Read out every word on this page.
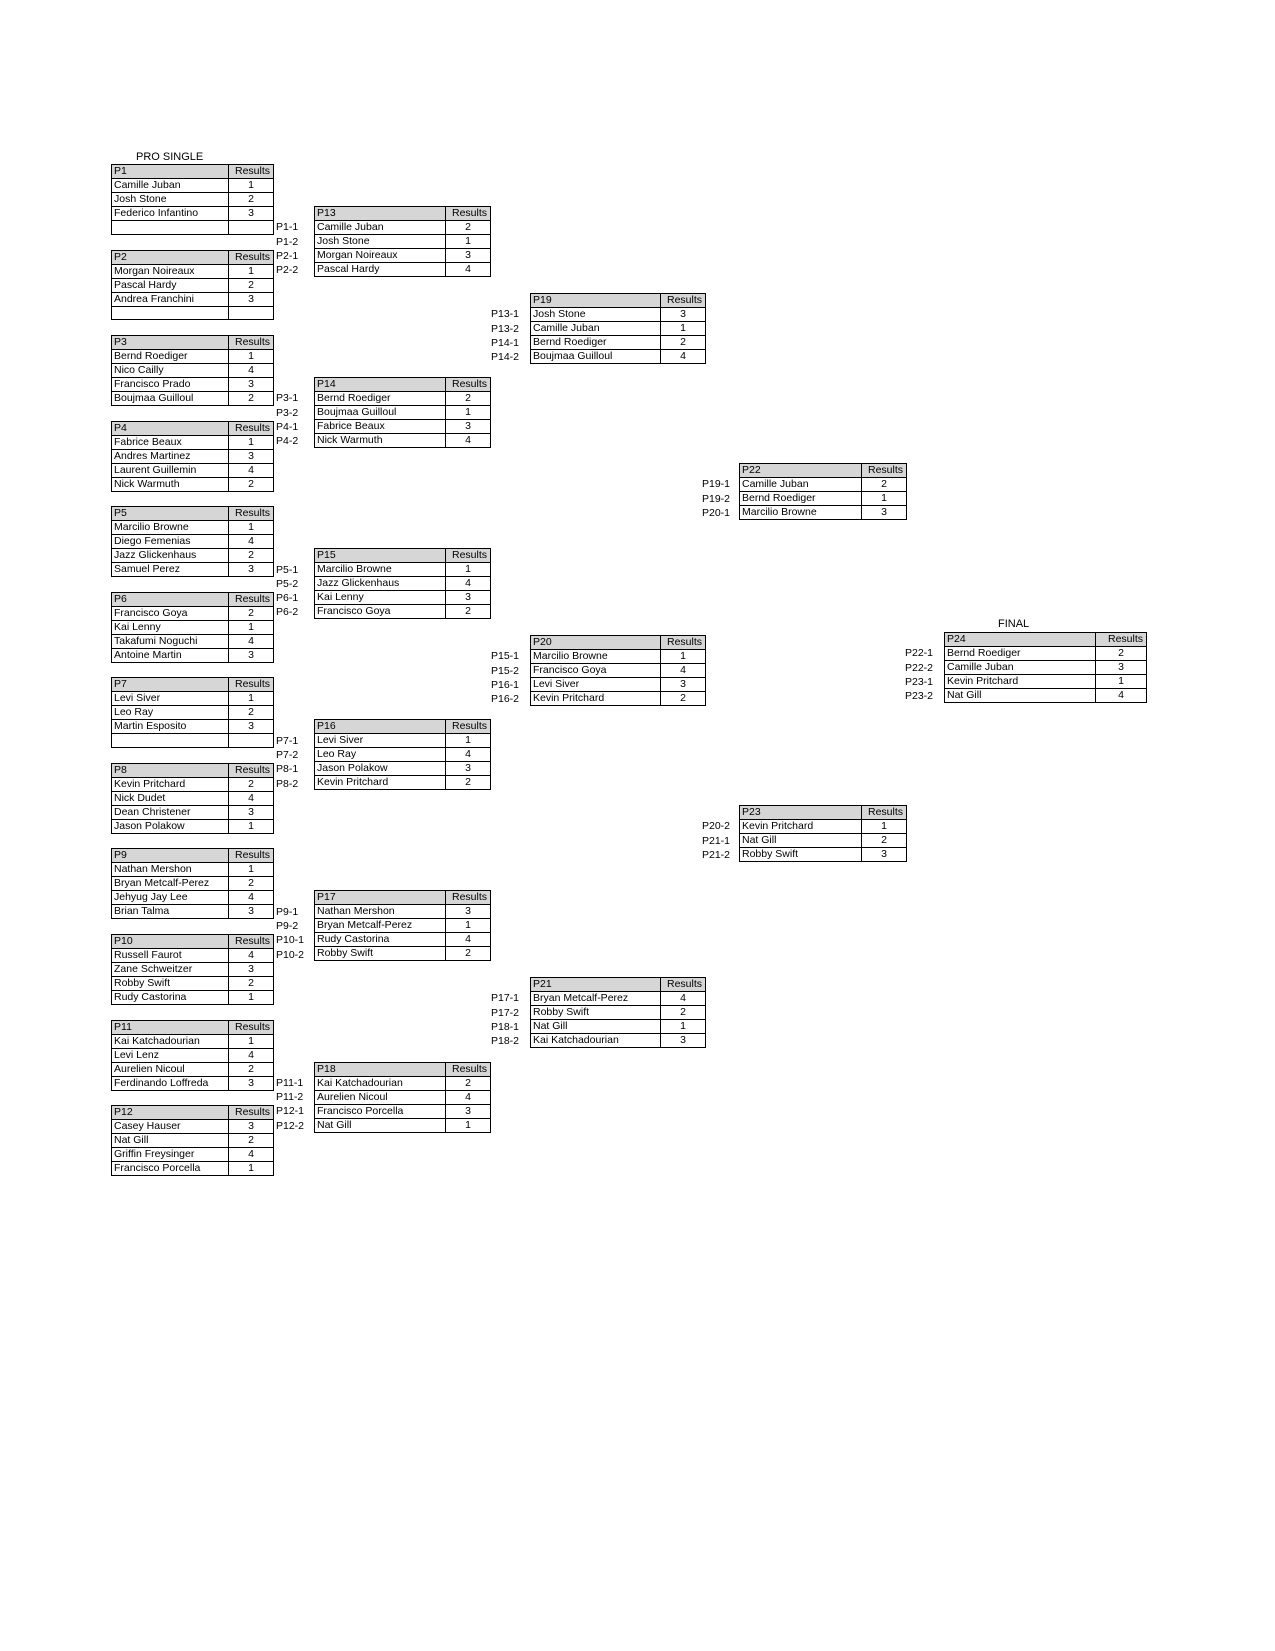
PRO SINGLE
FINAL
P1	Results
Camille Juban	1
Josh Stone	2
Federico Infantino	3

P2	Results
Morgan Noireaux	1
Pascal Hardy	2
Andrea Franchini	3

P3	Results
Bernd Roediger	1
Nico Cailly	4
Francisco Prado	3
Boujmaa Guilloul	2
P4	Results
Fabrice Beaux	1
Andres Martinez	3
Laurent Guillemin	4
Nick Warmuth	2
P5	Results
Marcilio Browne	1
Diego Femenias	4
Jazz Glickenhaus	2
Samuel Perez	3
P6	Results
Francisco Goya	2
Kai Lenny	1
Takafumi Noguchi	4
Antoine Martin	3
P7	Results
Levi Siver	1
Leo Ray	2
Martin Esposito	3

P8	Results
Kevin Pritchard	2
Nick Dudet	4
Dean Christener	3
Jason Polakow	1
P9	Results
Nathan Mershon	1
Bryan Metcalf-Perez	2
Jehyug Jay Lee	4
Brian Talma	3
P10	Results
Russell Faurot	4
Zane Schweitzer	3
Robby Swift	2
Rudy Castorina	1
P11	Results
Kai Katchadourian	1
Levi Lenz	4
Aurelien Nicoul	2
Ferdinando Loffreda	3
P12	Results
Casey Hauser	3
Nat Gill	2
Griffin Freysinger	4
Francisco Porcella	1
P13	Results
Camille Juban	2
Josh Stone	1
Morgan Noireaux	3
Pascal Hardy	4
P1-1
P1-2
P2-1
P2-2
P14	Results
Bernd Roediger	2
Boujmaa Guilloul	1
Fabrice Beaux	3
Nick Warmuth	4
P3-1
P3-2
P4-1
P4-2
P15	Results
Marcilio Browne	1
Jazz Glickenhaus	4
Kai Lenny	3
Francisco Goya	2
P5-1
P5-2
P6-1
P6-2
P16	Results
Levi Siver	1
Leo Ray	4
Jason Polakow	3
Kevin Pritchard	2
P7-1
P7-2
P8-1
P8-2
P17	Results
Nathan Mershon	3
Bryan Metcalf-Perez	1
Rudy Castorina	4
Robby Swift	2
P9-1
P9-2
P10-1
P10-2
P18	Results
Kai Katchadourian	2
Aurelien Nicoul	4
Francisco Porcella	3
Nat Gill	1
P11-1
P11-2
P12-1
P12-2
P19	Results
Josh Stone	3
Camille Juban	1
Bernd Roediger	2
Boujmaa Guilloul	4
P13-1
P13-2
P14-1
P14-2
P20	Results
Marcilio Browne	1
Francisco Goya	4
Levi Siver	3
Kevin Pritchard	2
P15-1
P15-2
P16-1
P16-2
P21	Results
Bryan Metcalf-Perez	4
Robby Swift	2
Nat Gill	1
Kai Katchadourian	3
P17-1
P17-2
P18-1
P18-2
P22	Results
Camille Juban	2
Bernd Roediger	1
Marcilio Browne	3
P19-1
P19-2
P20-1
P23	Results
Kevin Pritchard	1
Nat Gill	2
Robby Swift	3
P20-2
P21-1
P21-2
P24	Results
Bernd Roediger	2
Camille Juban	3
Kevin Pritchard	1
Nat Gill	4
P22-1
P22-2
P23-1
P23-2
